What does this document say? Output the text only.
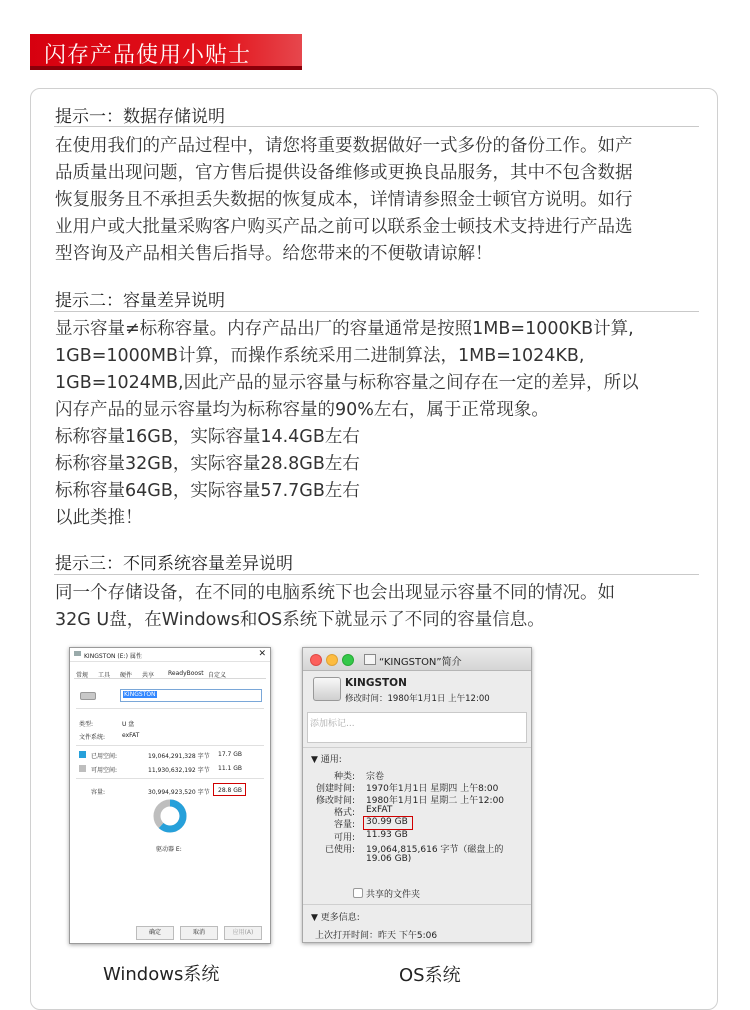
闪存产品使用小贴士
提示一：数据存储说明
在使用我们的产品过程中，请您将重要数据做好一式多份的备份工作。如产
品质量出现问题，官方售后提供设备维修或更换良品服务，其中不包含数据
恢复服务且不承担丢失数据的恢复成本，详情请参照金士顿官方说明。如行
业用户或大批量采购客户购买产品之前可以联系金士顿技术支持进行产品选
型咨询及产品相关售后指导。给您带来的不便敬请谅解！
提示二：容量差异说明
显示容量≠标称容量。内存产品出厂的容量通常是按照1MB=1000KB计算,
1GB=1000MB计算，而操作系统采用二进制算法，1MB=1024KB,
1GB=1024MB,因此产品的显示容量与标称容量之间存在一定的差异，所以
闪存产品的显示容量均为标称容量的90%左右，属于正常现象。
标称容量16GB，实际容量14.4GB左右
标称容量32GB，实际容量28.8GB左右
标称容量64GB，实际容量57.7GB左右
以此类推！
提示三：不同系统容量差异说明
同一个存储设备，在不同的电脑系统下也会出现显示容量不同的情况。如
32G U盘，在Windows和OS系统下就显示了不同的容量信息。
KINGSTON (E:) 属性	✕
常规 工具 硬件 共享 ReadyBoost 自定义
KINGSTON
类型:	U 盘
文件系统:	exFAT
已用空间:	19,064,291,328 字节 17.7 GB
可用空间:	11,930,632,192 字节 11.1 GB
容量:	30,994,923,520 字节 28.8 GB
驱动器 E:
确定	取消	应用(A)
“KINGSTON”简介
KINGSTON
修改时间：1980年1月1日 上午12:00
添加标记...
▼ 通用:
种类: 宗卷
创建时间: 1970年1月1日 星期四 上午8:00
修改时间: 1980年1月1日 星期二 上午12:00
格式: ExFAT
容量: 30.99 GB
可用: 11.93 GB
已使用: 19,064,815,616 字节（磁盘上的
19.06 GB)
共享的文件夹
▼ 更多信息:
上次打开时间：昨天 下午5:06
Windows系统	OS系统
